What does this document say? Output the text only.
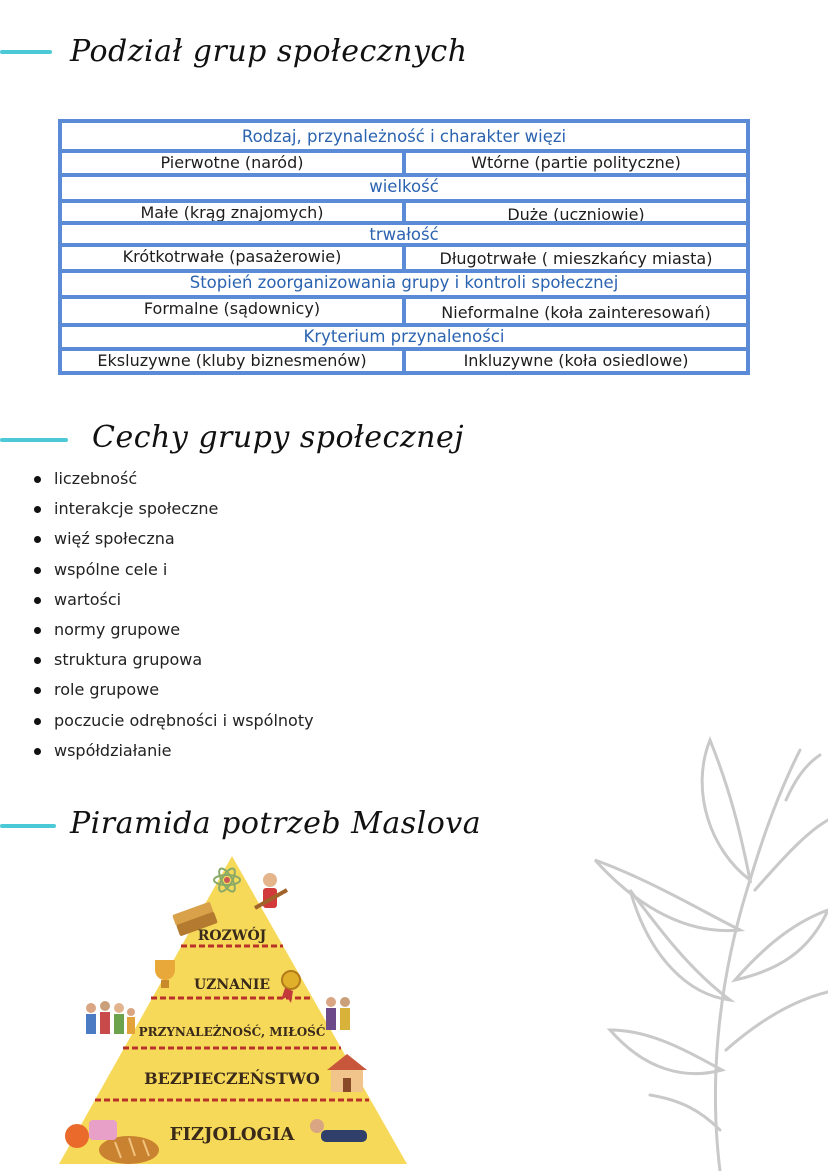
Podział grup społecznych
Rodzaj, przynależność i charakter więzi
Pierwotne (naród)	Wtórne (partie polityczne)
wielkość
Małe (krąg znajomych)	Duże (uczniowie)
trwałość
Krótkotrwałe (pasażerowie)	Długotrwałe ( mieszkańcy miasta)
Stopień zoorganizowania grupy i kontroli społecznej
Formalne (sądownicy)	Nieformalne (koła zainteresowań)
Kryterium przynaleności
Eksluzywne (kluby biznesmenów)	Inkluzywne (koła osiedlowe)
Cechy grupy społecznej
liczebność
interakcje społeczne
więź społeczna
wspólne cele i
wartości
normy grupowe
struktura grupowa
role grupowe
poczucie odrębności i wspólnoty
współdziałanie
Piramida potrzeb Maslova
ROZWÓJ
UZNANIE
PRZYNALEŻNOŚĆ, MIŁOŚĆ
BEZPIECZEŃSTWO
FIZJOLOGIA
